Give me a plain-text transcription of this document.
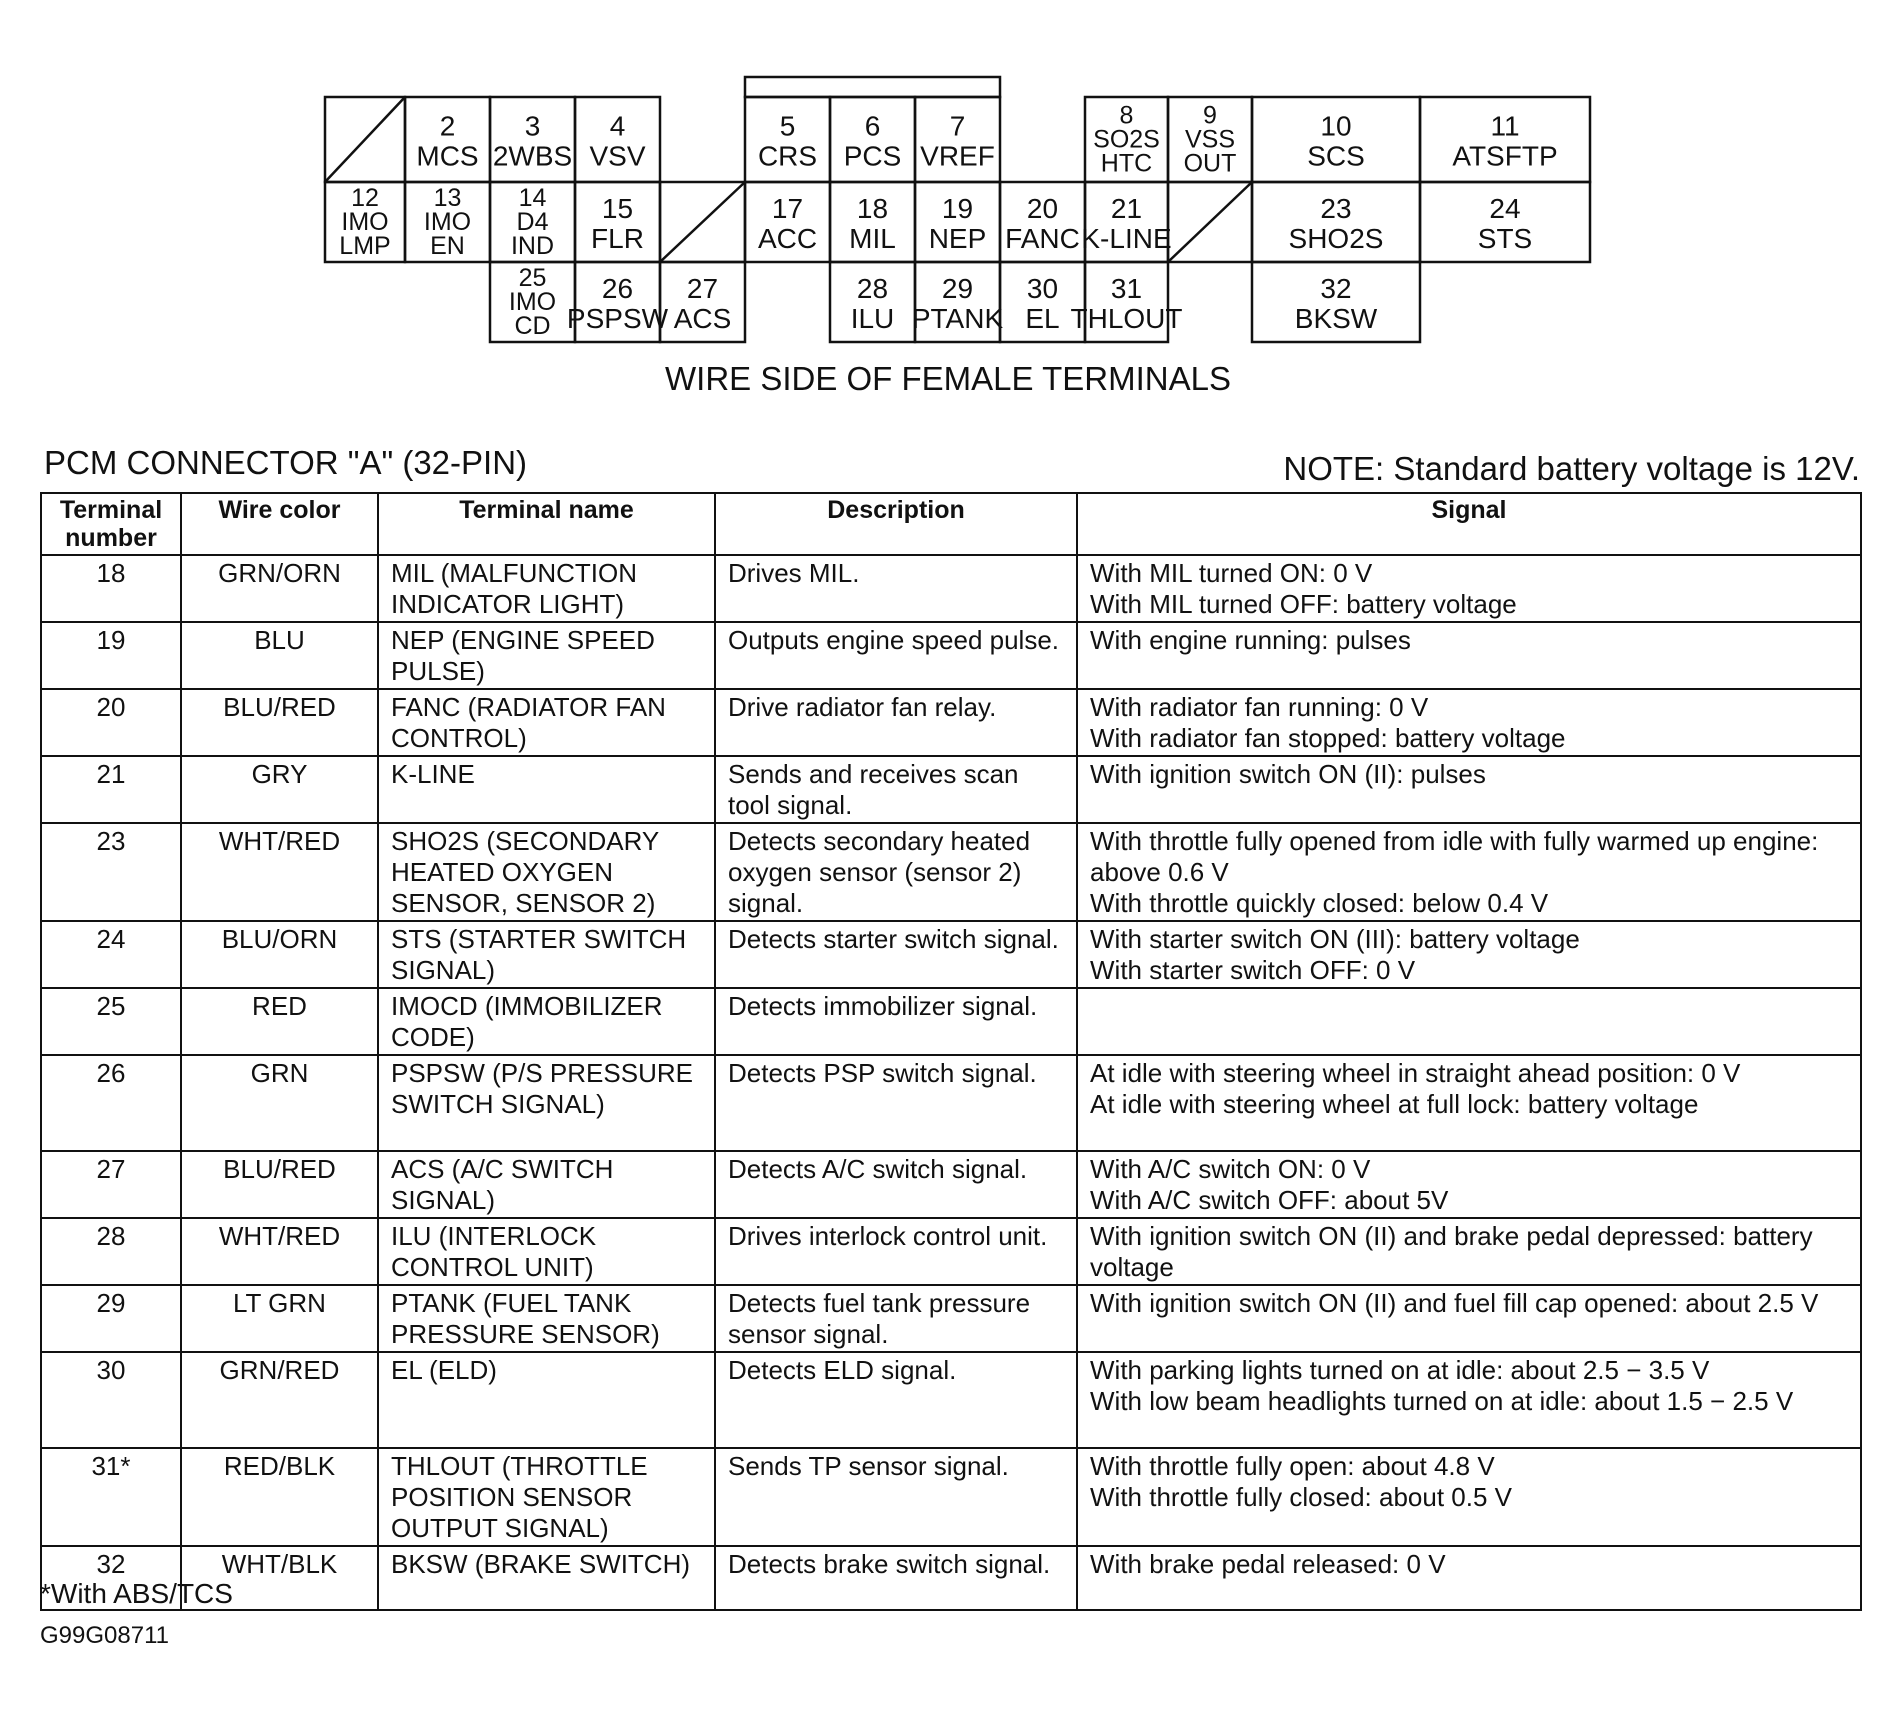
2
MCS
3
2WBS
4
VSV
5
CRS
6
PCS
7
VREF
8
SO2S
HTC
9
VSS
OUT
10
SCS
11
ATSFTP
12
IMO
LMP
13
IMO
EN
14
D4
IND
15
FLR
17
ACC
18
MIL
19
NEP
20
FANC
21
K-LINE
23
SHO2S
24
STS
25
IMO
CD
26
PSPSW
27
ACS
28
ILU
29
PTANK
30
EL
31
THLOUT
32
BKSW
WIRE SIDE OF FEMALE TERMINALS
PCM CONNECTOR "A" (32-PIN)	NOTE: Standard battery voltage is 12V.
Terminal number	Wire color	Terminal name	Description	Signal
18	GRN/ORN	MIL (MALFUNCTION INDICATOR LIGHT)	Drives MIL.	With MIL turned ON: 0 V
With MIL turned OFF: battery voltage

19	BLU	NEP (ENGINE SPEED PULSE)	Outputs engine speed pulse.	With engine running: pulses

20	BLU/RED	FANC (RADIATOR FAN CONTROL)	Drive radiator fan relay.	With radiator fan running: 0 V
With radiator fan stopped: battery voltage

21	GRY	K-LINE	Sends and receives scan tool signal.	With ignition switch ON (II): pulses

23	WHT/RED	SHO2S (SECONDARY HEATED OXYGEN SENSOR, SENSOR 2)	Detects secondary heated oxygen sensor (sensor 2) signal.	With throttle fully opened from idle with fully warmed up engine: above 0.6 V
With throttle quickly closed: below 0.4 V

24	BLU/ORN	STS (STARTER SWITCH SIGNAL)	Detects starter switch signal.	With starter switch ON (III): battery voltage
With starter switch OFF: 0 V

25	RED	IMOCD (IMMOBILIZER CODE)	Detects immobilizer signal.	
26	GRN	PSPSW (P/S PRESSURE SWITCH SIGNAL)	Detects PSP switch signal.	At idle with steering wheel in straight ahead position: 0 V
At idle with steering wheel at full lock: battery voltage

27	BLU/RED	ACS (A/C SWITCH SIGNAL)	Detects A/C switch signal.	With A/C switch ON: 0 V
With A/C switch OFF: about 5V

28	WHT/RED	ILU (INTERLOCK CONTROL UNIT)	Drives interlock control unit.	With ignition switch ON (II) and brake pedal depressed: battery voltage

29	LT GRN	PTANK (FUEL TANK PRESSURE SENSOR)	Detects fuel tank pressure sensor signal.	With ignition switch ON (II) and fuel fill cap opened: about 2.5 V

30	GRN/RED	EL (ELD)	Detects ELD signal.	With parking lights turned on at idle: about 2.5 − 3.5 V
With low beam headlights turned on at idle: about 1.5 − 2.5 V

31*	RED/BLK	THLOUT (THROTTLE POSITION SENSOR OUTPUT SIGNAL)	Sends TP sensor signal.	With throttle fully open: about 4.8 V
With throttle fully closed: about 0.5 V

32	WHT/BLK	BKSW (BRAKE SWITCH)	Detects brake switch signal.	With brake pedal released: 0 V
*With ABS/TCS
G99G08711
